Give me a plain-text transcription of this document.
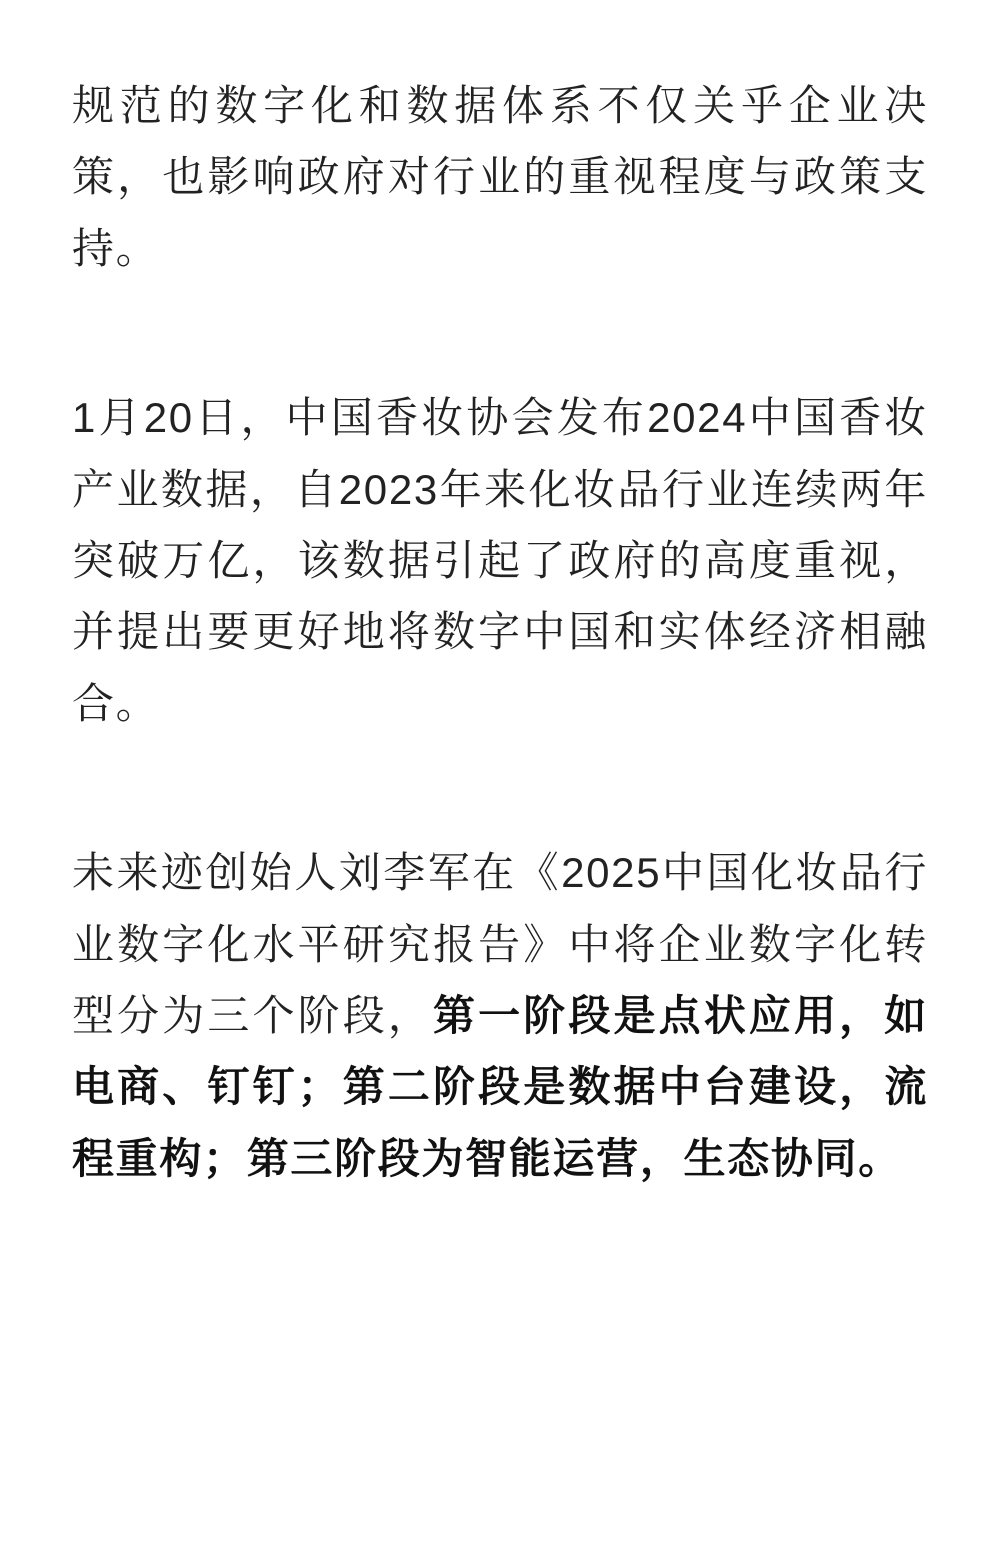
规范的数字化和数据体系不仅关乎企业决策，也影响政府对行业的重视程度与政策支持。

1月20日，中国香妆协会发布2024中国香妆产业数据，自2023年来化妆品行业连续两年突破万亿，该数据引起了政府的高度重视，并提出要更好地将数字中国和实体经济相融合。

未来迹创始人刘李军在《2025中国化妆品行业数字化水平研究报告》中将企业数字化转型分为三个阶段，第一阶段是点状应用，如电商、钉钉；第二阶段是数据中台建设，流程重构；第三阶段为智能运营，生态协同。
